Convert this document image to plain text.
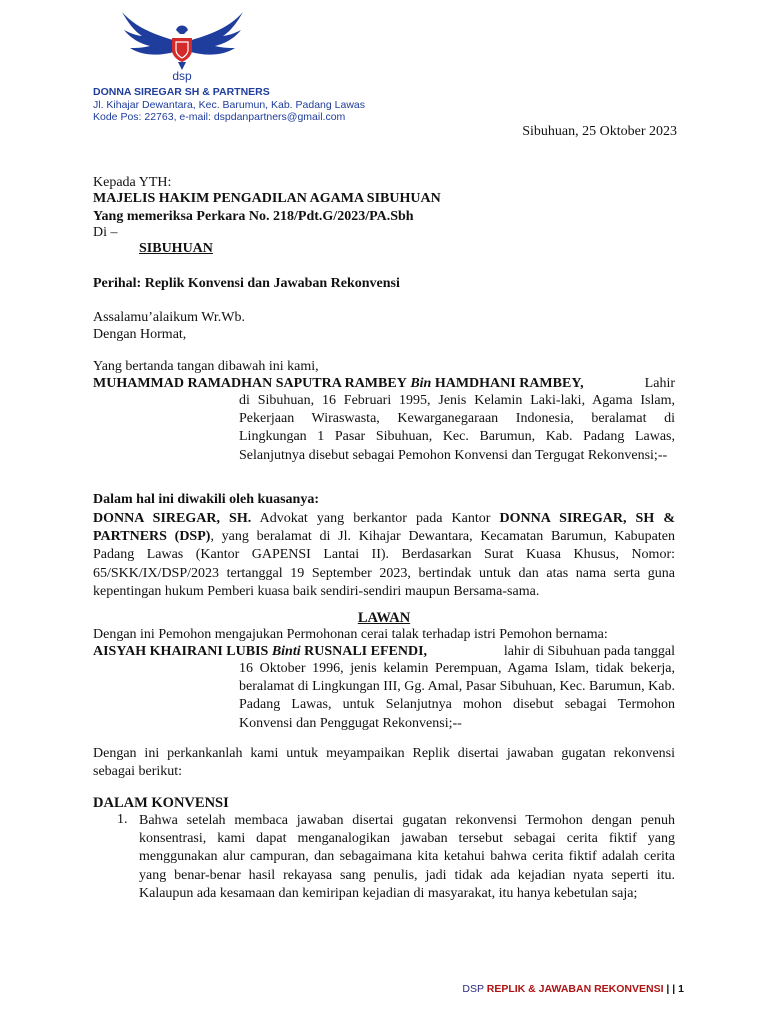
dsp
DONNA SIREGAR SH & PARTNERS
Jl. Kihajar Dewantara, Kec. Barumun, Kab. Padang Lawas
Kode Pos: 22763, e-mail: dspdanpartners@gmail.com
Sibuhuan, 25 Oktober 2023
Kepada YTH:
MAJELIS HAKIM PENGADILAN AGAMA SIBUHUAN
Yang memeriksa Perkara No. 218/Pdt.G/2023/PA.Sbh
Di –
SIBUHUAN
Perihal: Replik Konvensi dan Jawaban Rekonvensi
Assalamu’alaikum Wr.Wb.
Dengan Hormat,
Yang bertanda tangan dibawah ini kami,
MUHAMMAD RAMADHAN SAPUTRA RAMBEY Bin HAMDHANI RAMBEY,	Lahir
di Sibuhuan, 16 Februari 1995, Jenis Kelamin Laki-laki, Agama Islam, Pekerjaan Wiraswasta, Kewarganegaraan Indonesia, beralamat di Lingkungan 1 Pasar Sibuhuan, Kec. Barumun, Kab. Padang Lawas, Selanjutnya disebut sebagai Pemohon Konvensi dan Tergugat Rekonvensi;--
Dalam hal ini diwakili oleh kuasanya:
DONNA SIREGAR, SH. Advokat yang berkantor pada Kantor DONNA SIREGAR, SH & PARTNERS (DSP), yang beralamat di Jl. Kihajar Dewantara, Kecamatan Barumun, Kabupaten Padang Lawas (Kantor GAPENSI Lantai II). Berdasarkan Surat Kuasa Khusus, Nomor: 65/SKK/IX/DSP/2023 tertanggal 19 September 2023, bertindak untuk dan atas nama serta guna kepentingan hukum Pemberi kuasa baik sendiri-sendiri maupun Bersama-sama.
LAWAN
Dengan ini Pemohon mengajukan Permohonan cerai talak terhadap istri Pemohon bernama:
AISYAH KHAIRANI LUBIS Binti RUSNALI EFENDI,	lahir di Sibuhuan pada tanggal
16 Oktober 1996, jenis kelamin Perempuan, Agama Islam, tidak bekerja, beralamat di Lingkungan III, Gg. Amal, Pasar Sibuhuan, Kec. Barumun, Kab. Padang Lawas, untuk Selanjutnya mohon disebut sebagai Termohon Konvensi dan Penggugat Rekonvensi;--
Dengan ini perkankanlah kami untuk meyampaikan Replik disertai jawaban gugatan rekonvensi sebagai berikut:
DALAM KONVENSI
1. Bahwa setelah membaca jawaban disertai gugatan rekonvensi Termohon dengan penuh konsentrasi, kami dapat menganalogikan jawaban tersebut sebagai cerita fiktif yang menggunakan alur campuran, dan sebagaimana kita ketahui bahwa cerita fiktif adalah cerita yang benar-benar hasil rekayasa sang penulis, jadi tidak ada kejadian nyata seperti itu. Kalaupun ada kesamaan dan kemiripan kejadian di masyarakat, itu hanya kebetulan saja;
DSP REPLIK & JAWABAN REKONVENSI | | 1
